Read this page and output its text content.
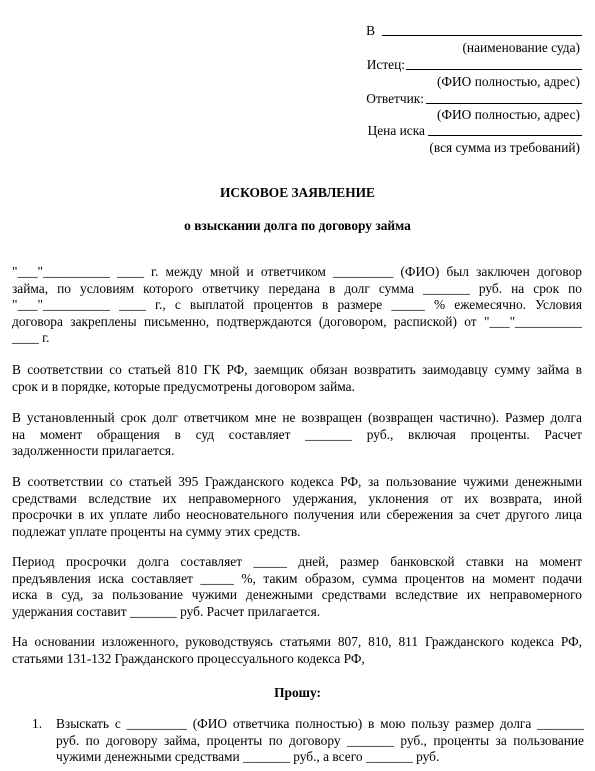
В
(наименование суда)
Истец:
(ФИО полностью, адрес)
Ответчик:
(ФИО полностью, адрес)
Цена иска
(вся сумма из требований)
ИСКОВОЕ ЗАЯВЛЕНИЕ
о взыскании долга по договору займа
"___"__________ ____ г. между мной и ответчиком _________ (ФИО) был заключен договор
займа, по условиям которого ответчику передана в долг сумма _______ руб. на срок по
"___"__________ ____ г., с выплатой процентов в размере _____ % ежемесячно. Условия
договора закреплены письменно, подтверждаются (договором, распиской) от "___"__________
____ г.
В соответствии со статьей 810 ГК РФ, заемщик обязан возвратить заимодавцу сумму займа в
срок и в порядке, которые предусмотрены договором займа.
В установленный срок долг ответчиком мне не возвращен (возвращен частично). Размер долга
на момент обращения в суд составляет _______ руб., включая проценты. Расчет
задолженности прилагается.
В соответствии со статьей 395 Гражданского кодекса РФ, за пользование чужими денежными
средствами вследствие их неправомерного удержания, уклонения от их возврата, иной
просрочки в их уплате либо неосновательного получения или сбережения за счет другого лица
подлежат уплате проценты на сумму этих средств.
Период просрочки долга составляет _____ дней, размер банковской ставки на момент
предъявления иска составляет _____ %, таким образом, сумма процентов на момент подачи
иска в суд, за пользование чужими денежными средствами вследствие их неправомерного
удержания составит _______ руб. Расчет прилагается.
На основании изложенного, руководствуясь статьями 807, 810, 811 Гражданского кодекса РФ,
статьями 131-132 Гражданского процессуального кодекса РФ,
Прошу:
1. Взыскать с _________ (ФИО ответчика полностью) в мою пользу размер долга _______
руб. по договору займа, проценты по договору _______ руб., проценты за пользование
чужими денежными средствами _______ руб., а всего _______ руб.
